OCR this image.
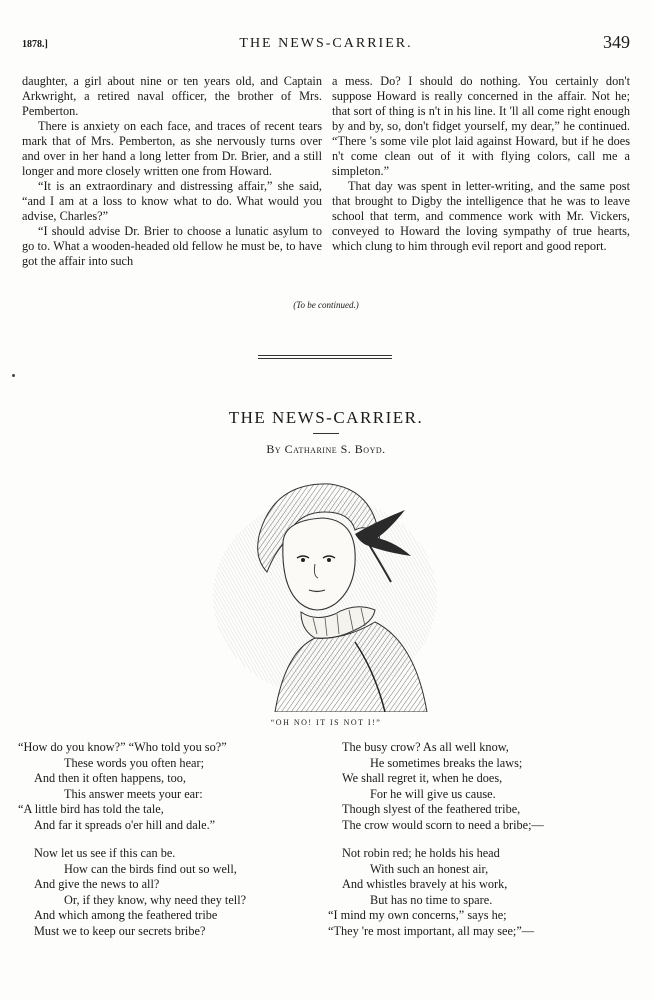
1878.]	THE NEWS-CARRIER.	349

daughter, a girl about nine or ten years old, and Captain Arkwright, a retired naval officer, the brother of Mrs. Pemberton.

There is anxiety on each face, and traces of recent tears mark that of Mrs. Pemberton, as she nervously turns over and over in her hand a long letter from Dr. Brier, and a still longer and more closely written one from Howard.

“It is an extraordinary and distressing affair,” she said, “and I am at a loss to know what to do. What would you advise, Charles?”

“I should advise Dr. Brier to choose a lunatic asylum to go to. What a wooden-headed old fellow he must be, to have got the affair into such

a mess. Do? I should do nothing. You certainly don't suppose Howard is really concerned in the affair. Not he; that sort of thing is n't in his line. It 'll all come right enough by and by, so, don't fidget yourself, my dear,” he continued. “There 's some vile plot laid against Howard, but if he does n't come clean out of it with flying colors, call me a simpleton.”

That day was spent in letter-writing, and the same post that brought to Digby the intelligence that he was to leave school that term, and commence work with Mr. Vickers, conveyed to Howard the loving sympathy of true hearts, which clung to him through evil report and good report.

(To be continued.)
THE NEWS-CARRIER.
By Catharine S. Boyd.
“OH NO! IT IS NOT I!”
“How do you know?” “Who told you so?”
These words you often hear;
And then it often happens, too,
This answer meets your ear:
“A little bird has told the tale,
And far it spreads o'er hill and dale.”
Now let us see if this can be.
How can the birds find out so well,
And give the news to all?
Or, if they know, why need they tell?
And which among the feathered tribe
Must we to keep our secrets bribe?
The busy crow? As all well know,
He sometimes breaks the laws;
We shall regret it, when he does,
For he will give us cause.
Though slyest of the feathered tribe,
The crow would scorn to need a bribe;—
Not robin red; he holds his head
With such an honest air,
And whistles bravely at his work,
But has no time to spare.
“I mind my own concerns,” says he;
“They 're most important, all may see;”—
